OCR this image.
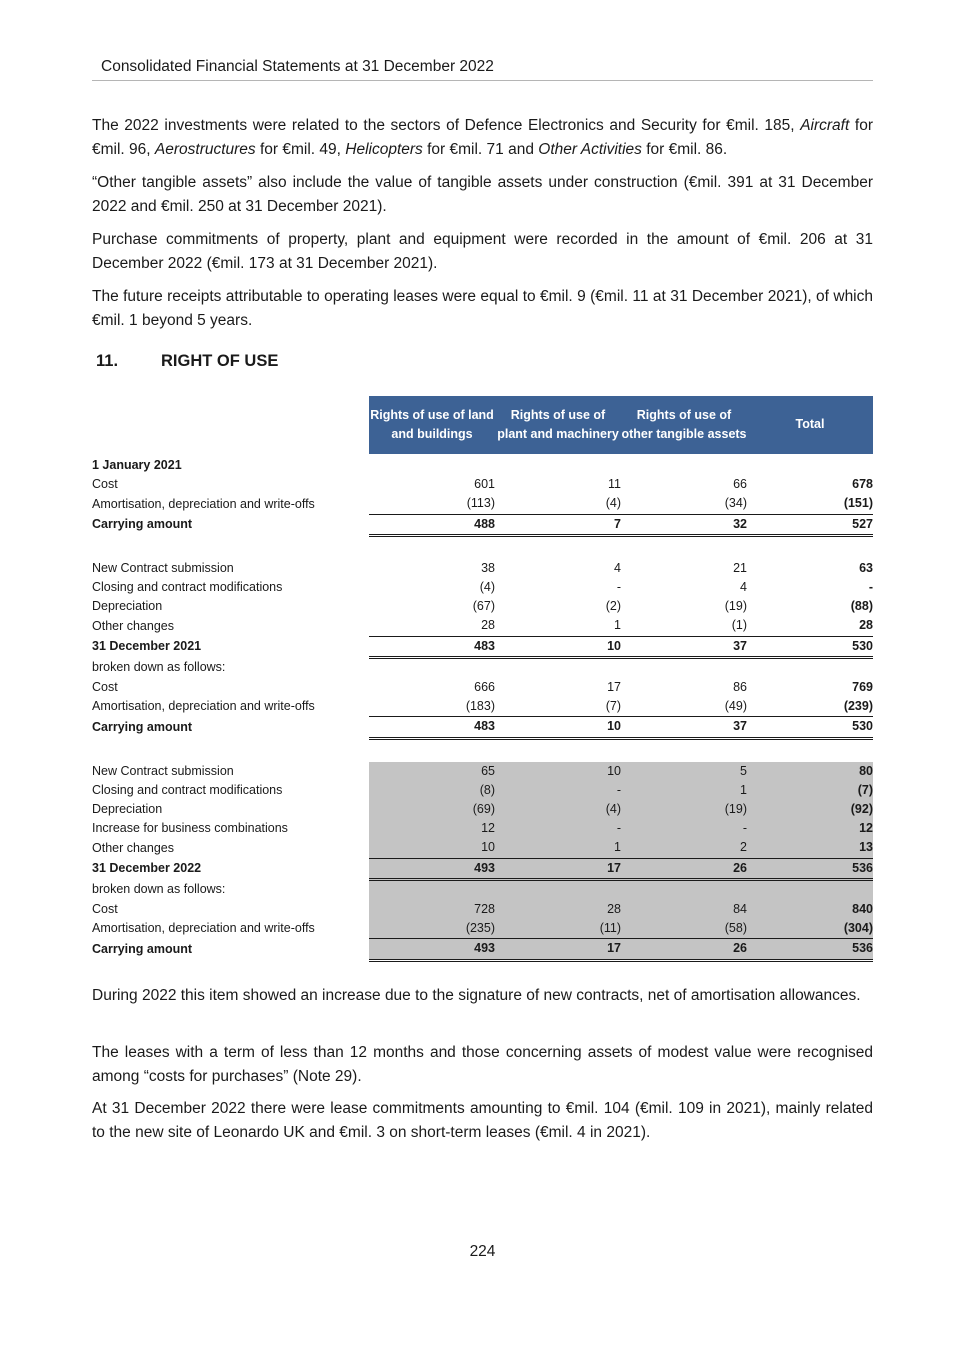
Consolidated Financial Statements at 31 December 2022

The 2022 investments were related to the sectors of Defence Electronics and Security for €mil. 185, Aircraft for €mil. 96, Aerostructures for €mil. 49, Helicopters for €mil. 71 and Other Activities for €mil. 86.

“Other tangible assets” also include the value of tangible assets under construction (€mil. 391 at 31 December 2022 and €mil. 250 at 31 December 2021).

Purchase commitments of property, plant and equipment were recorded in the amount of €mil. 206 at 31 December 2022 (€mil. 173 at 31 December 2021).

The future receipts attributable to operating leases were equal to €mil. 9 (€mil. 11 at 31 December 2021), of which €mil. 1 beyond 5 years.

11.	RIGHT OF USE
	Rights of use of land and buildings	Rights of use of plant and machinery	Rights of use of other tangible assets	Total
1 January 2021				
Cost	601	11	66	678
Amortisation, depreciation and write-offs	(113)	(4)	(34)	(151)
Carrying amount	488	7	32	527

New Contract submission	38	4	21	63
Closing and contract modifications	(4)	-	4	-
Depreciation	(67)	(2)	(19)	(88)
Other changes	28	1	(1)	28
31 December 2021	483	10	37	530
broken down as follows:				
Cost	666	17	86	769
Amortisation, depreciation and write-offs	(183)	(7)	(49)	(239)
Carrying amount	483	10	37	530

New Contract submission	65	10	5	80
Closing and contract modifications	(8)	-	1	(7)
Depreciation	(69)	(4)	(19)	(92)
Increase for business combinations	12	-	-	12
Other changes	10	1	2	13
31 December 2022	493	17	26	536
broken down as follows:				
Cost	728	28	84	840
Amortisation, depreciation and write-offs	(235)	(11)	(58)	(304)
Carrying amount	493	17	26	536

During 2022 this item showed an increase due to the signature of new contracts, net of amortisation allowances.

The leases with a term of less than 12 months and those concerning assets of modest value were recognised among “costs for purchases” (Note 29).

At 31 December 2022 there were lease commitments amounting to €mil. 104 (€mil. 109 in 2021), mainly related to the new site of Leonardo UK and €mil. 3 on short-term leases (€mil. 4 in 2021).

224
